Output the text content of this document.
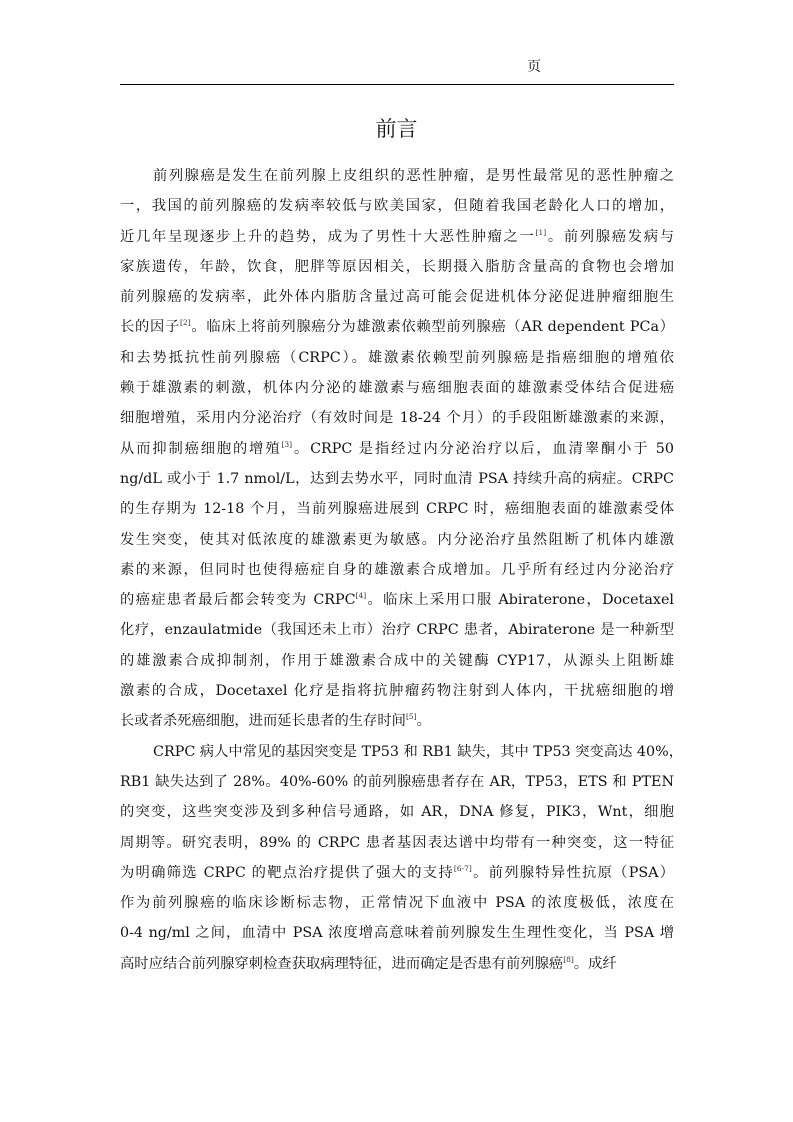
页
前言
前列腺癌是发生在前列腺上皮组织的恶性肿瘤，是男性最常见的恶性肿瘤之
一，我国的前列腺癌的发病率较低与欧美国家，但随着我国老龄化人口的增加，
近几年呈现逐步上升的趋势，成为了男性十大恶性肿瘤之一[1]。前列腺癌发病与
家族遗传，年龄，饮食，肥胖等原因相关，长期摄入脂肪含量高的食物也会增加
前列腺癌的发病率，此外体内脂肪含量过高可能会促进机体分泌促进肿瘤细胞生
长的因子[2]。临床上将前列腺癌分为雄激素依赖型前列腺癌（AR dependent PCa）
和去势抵抗性前列腺癌（CRPC）。雄激素依赖型前列腺癌是指癌细胞的增殖依
赖于雄激素的刺激，机体内分泌的雄激素与癌细胞表面的雄激素受体结合促进癌
细胞增殖，采用内分泌治疗（有效时间是 18-24 个月）的手段阻断雄激素的来源，
从而抑制癌细胞的增殖[3]。CRPC 是指经过内分泌治疗以后，血清睾酮小于 50
ng/dL 或小于 1.7 nmol/L，达到去势水平，同时血清 PSA 持续升高的病症。CRPC
的生存期为 12-18 个月，当前列腺癌进展到 CRPC 时，癌细胞表面的雄激素受体
发生突变，使其对低浓度的雄激素更为敏感。内分泌治疗虽然阻断了机体内雄激
素的来源，但同时也使得癌症自身的雄激素合成增加。几乎所有经过内分泌治疗
的癌症患者最后都会转变为 CRPC[4]。临床上采用口服 Abiraterone，Docetaxel
化疗，enzaulatmide（我国还未上市）治疗 CRPC 患者，Abiraterone 是一种新型
的雄激素合成抑制剂，作用于雄激素合成中的关键酶 CYP17，从源头上阻断雄
激素的合成，Docetaxel 化疗是指将抗肿瘤药物注射到人体内，干扰癌细胞的增
长或者杀死癌细胞，进而延长患者的生存时间[5]。
CRPC 病人中常见的基因突变是 TP53 和 RB1 缺失，其中 TP53 突变高达 40%，
RB1 缺失达到了 28%。40%-60% 的前列腺癌患者存在 AR，TP53，ETS 和 PTEN
的突变，这些突变涉及到多种信号通路，如 AR，DNA 修复，PIK3，Wnt，细胞
周期等。研究表明，89% 的 CRPC 患者基因表达谱中均带有一种突变，这一特征
为明确筛选 CRPC 的靶点治疗提供了强大的支持[6-7]。前列腺特异性抗原（PSA）
作为前列腺癌的临床诊断标志物，正常情况下血液中 PSA 的浓度极低，浓度在
0-4 ng/ml 之间，血清中 PSA 浓度增高意味着前列腺发生生理性变化，当 PSA 增
高时应结合前列腺穿刺检查获取病理特征，进而确定是否患有前列腺癌[8]。成纤
